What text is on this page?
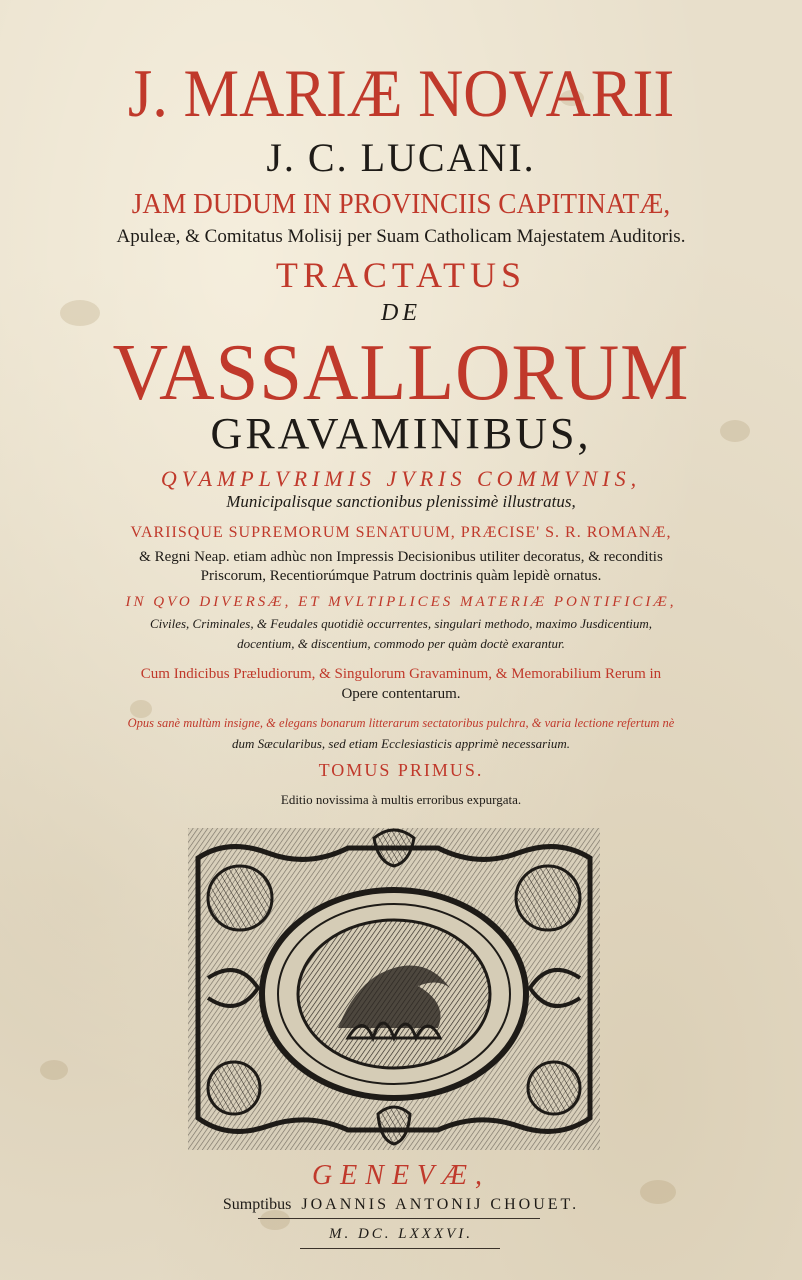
J. MARIÆ NOVARII
J. C. LUCANI.
JAM DUDUM IN PROVINCIIS CAPITINATÆ,
Apuleæ, & Comitatus Molisij per Suam Catholicam Majestatem Auditoris.
TRACTATUS
DE
VASSALLORUM
GRAVAMINIBUS,
QVAMPLVRIMIS JVRIS COMMVNIS,
Municipalisque sanctionibus plenissimè illustratus,
VARIISQUE SUPREMORUM SENATUUM, PRÆCISE' S. R. ROMANÆ,
& Regni Neap. etiam adhùc non Impressis Decisionibus utiliter decoratus, & reconditis
Priscorum, Recentiorúmque Patrum doctrinis quàm lepidè ornatus.
IN QVO DIVERSÆ, ET MVLTIPLICES MATERIÆ PONTIFICIÆ,
Civiles, Criminales, & Feudales quotidiè occurrentes, singulari methodo, maximo Jusdicentium,
docentium, & discentium, commodo per quàm doctè exarantur.
Cum Indicibus Præludiorum, & Singulorum Gravaminum, & Memorabilium Rerum in
Opere contentarum.
Opus sanè multùm insigne, & elegans bonarum litterarum sectatoribus pulchra, & varia lectione refertum nè
dum Sæcularibus, sed etiam Ecclesiasticis apprimè necessarium.
TOMUS PRIMUS.
Editio novissima à multis erroribus expurgata.
GENEVÆ,
Sumptibus JOANNIS ANTONIJ CHOUET.
M. DC. LXXXVI.
